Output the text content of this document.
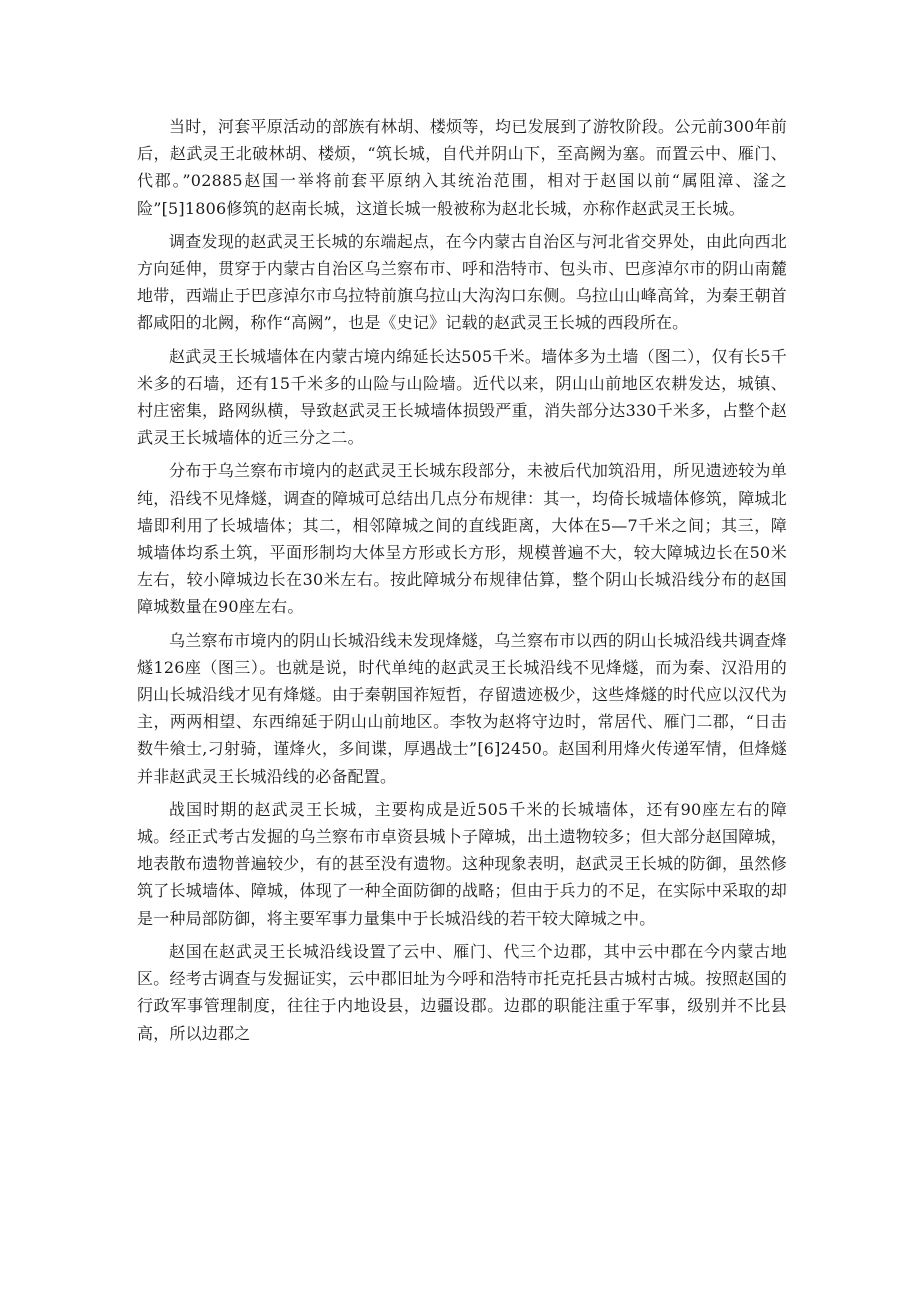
当时，河套平原活动的部族有林胡、楼烦等，均已发展到了游牧阶段。公元前300年前后，赵武灵王北破林胡、楼烦，“筑长城，自代并阴山下，至高阙为塞。而置云中、雁门、代郡。”02885赵国一举将前套平原纳入其统治范围，相对于赵国以前“属阻漳、滏之险”[5]1806修筑的赵南长城，这道长城一般被称为赵北长城，亦称作赵武灵王长城。

调查发现的赵武灵王长城的东端起点，在今内蒙古自治区与河北省交界处，由此向西北方向延伸，贯穿于内蒙古自治区乌兰察布市、呼和浩特市、包头市、巴彦淖尔市的阴山南麓地带，西端止于巴彦淖尔市乌拉特前旗乌拉山大沟沟口东侧。乌拉山山峰高耸，为秦王朝首都咸阳的北阙，称作“高阙”，也是《史记》记载的赵武灵王长城的西段所在。

赵武灵王长城墙体在内蒙古境内绵延长达505千米。墙体多为土墙（图二），仅有长5千米多的石墙，还有15千米多的山险与山险墙。近代以来，阴山山前地区农耕发达，城镇、村庄密集，路网纵横，导致赵武灵王长城墙体损毁严重，消失部分达330千米多，占整个赵武灵王长城墙体的近三分之二。

分布于乌兰察布市境内的赵武灵王长城东段部分，未被后代加筑沿用，所见遗迹较为单纯，沿线不见烽燧，调查的障城可总结出几点分布规律：其一，均倚长城墙体修筑，障城北墙即利用了长城墙体；其二，相邻障城之间的直线距离，大体在5—7千米之间；其三，障城墙体均系土筑，平面形制均大体呈方形或长方形，规模普遍不大，较大障城边长在50米左右，较小障城边长在30米左右。按此障城分布规律估算，整个阴山长城沿线分布的赵国障城数量在90座左右。

乌兰察布市境内的阴山长城沿线未发现烽燧，乌兰察布市以西的阴山长城沿线共调查烽燧126座（图三）。也就是说，时代单纯的赵武灵王长城沿线不见烽燧，而为秦、汉沿用的阴山长城沿线才见有烽燧。由于秦朝国祚短哲，存留遗迹极少，这些烽燧的时代应以汉代为主，两两相望、东西绵延于阴山山前地区。李牧为赵将守边时，常居代、雁门二郡，“日击数牛飨士,刁射骑，谨烽火，多间谍，厚遇战士”[6]2450。赵国利用烽火传递军情，但烽燧并非赵武灵王长城沿线的必备配置。

战国时期的赵武灵王长城，主要构成是近505千米的长城墙体，还有90座左右的障城。经正式考古发掘的乌兰察布市卓资县城卜子障城，出土遗物较多；但大部分赵国障城，地表散布遗物普遍较少，有的甚至没有遗物。这种现象表明，赵武灵王长城的防御，虽然修筑了长城墙体、障城，体现了一种全面防御的战略；但由于兵力的不足，在实际中采取的却是一种局部防御，将主要军事力量集中于长城沿线的若干较大障城之中。

赵国在赵武灵王长城沿线设置了云中、雁门、代三个边郡，其中云中郡在今内蒙古地区。经考古调查与发掘证实，云中郡旧址为今呼和浩特市托克托县古城村古城。按照赵国的行政军事管理制度，往往于内地设县，边疆设郡。边郡的职能注重于军事，级别并不比县高，所以边郡之
